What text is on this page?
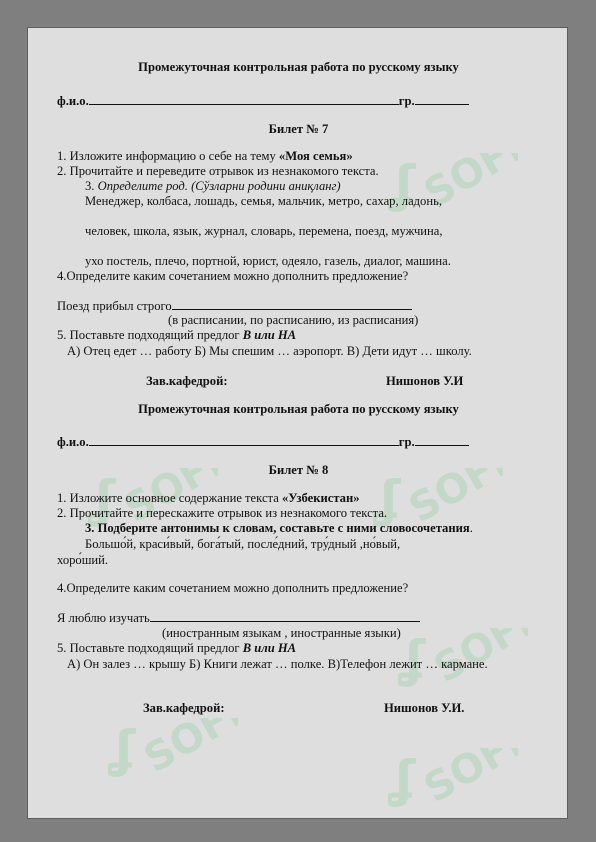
ʆ SOFF
ʆ SOFF	ʆ SOFF
ʆ SOFF
ʆ SOFF	ʆ SOFF
Промежуточная контрольная работа по русскому языку
ф.и.о.	гр.
Билет № 7
1. Изложите информацию о себе на тему «Моя семья»
2. Прочитайте и переведите отрывок из незнакомого текста.
3. Определите род. (Сўзларни родини аниқланг)
Менеджер, колбаса, лошадь, семья, мальчик, метро, сахар, ладонь,
человек, школа, язык, журнал, словарь, перемена, поезд, мужчина,
ухо постель, плечо, портной, юрист, одеяло, газель, диалог, машина.
4.Определите каким сочетанием можно дополнить предложение?
Поезд прибыл строго
(в расписании, по расписанию, из расписания)
5. Поставьте подходящий предлог В или НА
А) Отец едет … работу Б) Мы спешим … аэропорт. В) Дети идут … школу.
Зав.кафедрой:	Нишонов У.И
Промежуточная контрольная работа по русскому языку
ф.и.о.	гр.
Билет № 8
1. Изложите основное содержание текста «Узбекистан»
2. Прочитайте и перескажите отрывок из незнакомого текста.
3. Подберите антонимы к словам, составьте с ними словосочетания.
Большо́й, краси́вый, бога́тый, после́дний, тру́дный ,но́вый,
хоро́ший.
4.Определите каким сочетанием можно дополнить предложение?
Я люблю изучать
(иностранным языкам , иностранные языки)
5. Поставьте подходящий предлог В или НА
А) Он залез … крышу Б) Книги лежат … полке. В)Телефон лежит … кармане.
Зав.кафедрой:	Нишонов У.И.
